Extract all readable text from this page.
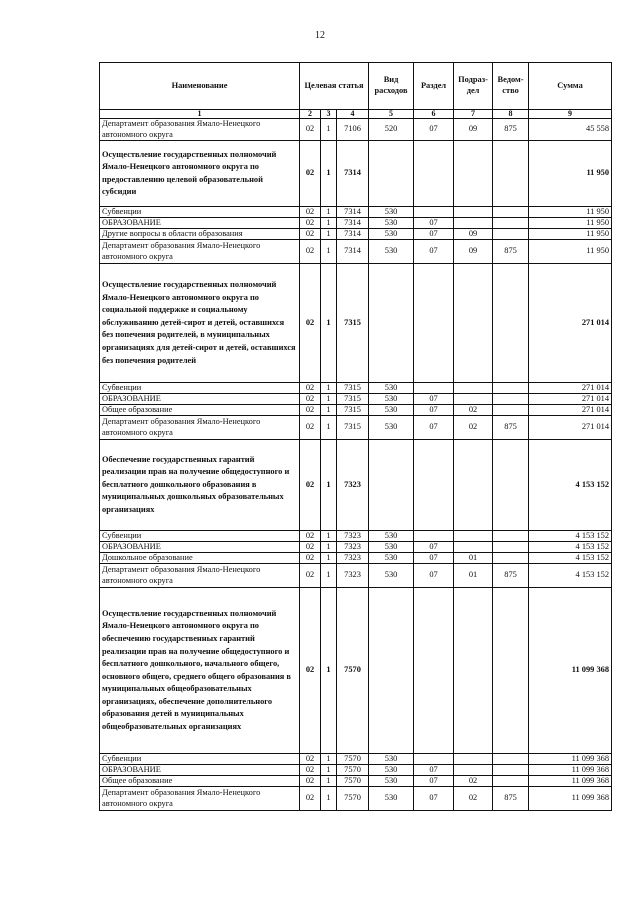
12
Наименование	Целевая статья			Вид расходов	Раздел	Подраз-дел	Ведом-ство	Сумма
1	2	3	4	5	6	7	8	9
Департамент образования Ямало-Ненецкого автономного округа	02	1	7106	520	07	09	875	45 558
Осуществление государственных полномочий Ямало-Ненецкого автономного округа по предоставлению целевой образовательной субсидии	02	1	7314					11 950
Субвенции	02	1	7314	530				11 950
ОБРАЗОВАНИЕ	02	1	7314	530	07			11 950
Другие вопросы в области образования	02	1	7314	530	07	09		11 950
Департамент образования Ямало-Ненецкого автономного округа	02	1	7314	530	07	09	875	11 950
Осуществление государственных полномочий Ямало-Ненецкого автономного округа по социальной поддержке и социальному обслуживанию детей-сирот и детей, оставшихся без попечения родителей, в муниципальных организациях для детей-сирот и детей, оставшихся без попечения родителей	02	1	7315					271 014
Субвенции	02	1	7315	530				271 014
ОБРАЗОВАНИЕ	02	1	7315	530	07			271 014
Общее образование	02	1	7315	530	07	02		271 014
Департамент образования Ямало-Ненецкого автономного округа	02	1	7315	530	07	02	875	271 014
Обеспечение государственных гарантий реализации прав на получение общедоступного и бесплатного дошкольного образования в муниципальных дошкольных образовательных организациях	02	1	7323					4 153 152
Субвенции	02	1	7323	530				4 153 152
ОБРАЗОВАНИЕ	02	1	7323	530	07			4 153 152
Дошкольное образование	02	1	7323	530	07	01		4 153 152
Департамент образования Ямало-Ненецкого автономного округа	02	1	7323	530	07	01	875	4 153 152
Осуществление государственных полномочий Ямало-Ненецкого автономного округа по обеспечению государственных гарантий реализации прав на получение общедоступного и бесплатного дошкольного, начального общего, основного общего, среднего общего образования в муниципальных общеобразовательных организациях, обеспечение дополнительного образования детей в муниципальных общеобразовательных организациях	02	1	7570					11 099 368
Субвенции	02	1	7570	530				11 099 368
ОБРАЗОВАНИЕ	02	1	7570	530	07			11 099 368
Общее образование	02	1	7570	530	07	02		11 099 368
Департамент образования Ямало-Ненецкого автономного округа	02	1	7570	530	07	02	875	11 099 368
